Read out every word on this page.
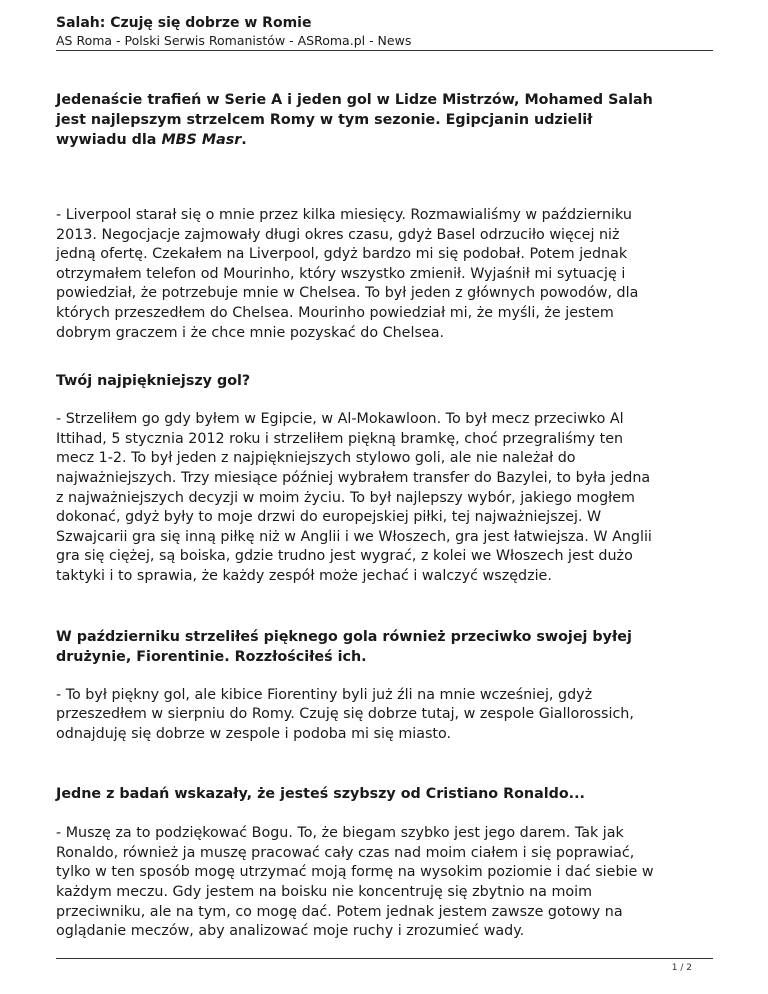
Salah: Czuję się dobrze w Romie

AS Roma - Polski Serwis Romanistów - ASRoma.pl - News

Jedenaście trafień w Serie A i jeden gol w Lidze Mistrzów, Mohamed Salah
jest najlepszym strzelcem Romy w tym sezonie. Egipcjanin udzielił
wywiadu dla MBS Masr.

- Liverpool starał się o mnie przez kilka miesięcy. Rozmawialiśmy w październiku
2013. Negocjacje zajmowały długi okres czasu, gdyż Basel odrzuciło więcej niż
jedną ofertę. Czekałem na Liverpool, gdyż bardzo mi się podobał. Potem jednak
otrzymałem telefon od Mourinho, który wszystko zmienił. Wyjaśnił mi sytuację i
powiedział, że potrzebuje mnie w Chelsea. To był jeden z głównych powodów, dla
których przeszedłem do Chelsea. Mourinho powiedział mi, że myśli, że jestem
dobrym graczem i że chce mnie pozyskać do Chelsea.

Twój najpiękniejszy gol?

- Strzeliłem go gdy byłem w Egipcie, w Al-Mokawloon. To był mecz przeciwko Al
Ittihad, 5 stycznia 2012 roku i strzeliłem piękną bramkę, choć przegraliśmy ten
mecz 1-2. To był jeden z najpiękniejszych stylowo goli, ale nie należał do
najważniejszych. Trzy miesiące później wybrałem transfer do Bazylei, to była jedna
z najważniejszych decyzji w moim życiu. To był najlepszy wybór, jakiego mogłem
dokonać, gdyż były to moje drzwi do europejskiej piłki, tej najważniejszej. W
Szwajcarii gra się inną piłkę niż w Anglii i we Włoszech, gra jest łatwiejsza. W Anglii
gra się ciężej, są boiska, gdzie trudno jest wygrać, z kolei we Włoszech jest dużo
taktyki i to sprawia, że każdy zespół może jechać i walczyć wszędzie.

W październiku strzeliłeś pięknego gola również przeciwko swojej byłej
drużynie, Fiorentinie. Rozzłościłeś ich.

- To był piękny gol, ale kibice Fiorentiny byli już źli na mnie wcześniej, gdyż
przeszedłem w sierpniu do Romy. Czuję się dobrze tutaj, w zespole Giallorossich,
odnajduję się dobrze w zespole i podoba mi się miasto.

Jedne z badań wskazały, że jesteś szybszy od Cristiano Ronaldo...

- Muszę za to podziękować Bogu. To, że biegam szybko jest jego darem. Tak jak
Ronaldo, również ja muszę pracować cały czas nad moim ciałem i się poprawiać,
tylko w ten sposób mogę utrzymać moją formę na wysokim poziomie i dać siebie w
każdym meczu. Gdy jestem na boisku nie koncentruję się zbytnio na moim
przeciwniku, ale na tym, co mogę dać. Potem jednak jestem zawsze gotowy na
oglądanie meczów, aby analizować moje ruchy i zrozumieć wady.

1 / 2
